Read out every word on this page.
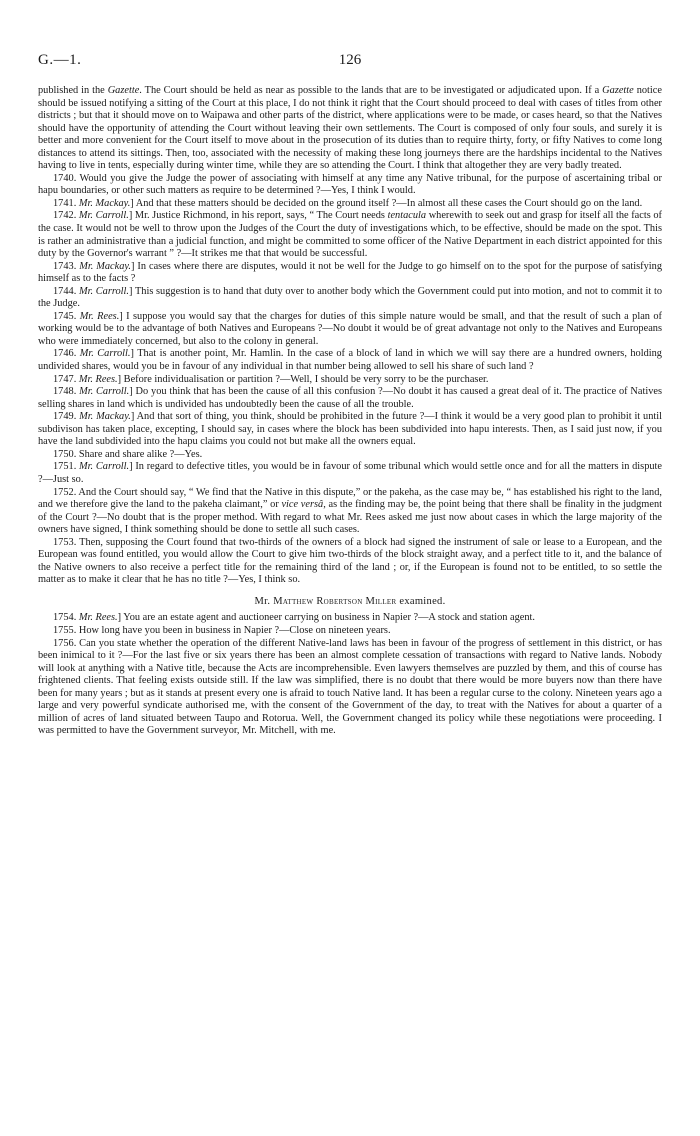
G.—1.	126

published in the Gazette. The Court should be held as near as possible to the lands that are to be investigated or adjudicated upon. If a Gazette notice should be issued notifying a sitting of the Court at this place, I do not think it right that the Court should proceed to deal with cases of titles from other districts ; but that it should move on to Waipawa and other parts of the district, where applications were to be made, or cases heard, so that the Natives should have the opportunity of attending the Court without leaving their own settlements. The Court is composed of only four souls, and surely it is better and more convenient for the Court itself to move about in the prosecution of its duties than to require thirty, forty, or fifty Natives to come long distances to attend its sittings. Then, too, associated with the necessity of making these long journeys there are the hardships incidental to the Natives having to live in tents, especially during winter time, while they are so attending the Court. I think that altogether they are very badly treated.

1740. Would you give the Judge the power of associating with himself at any time any Native tribunal, for the purpose of ascertaining tribal or hapu boundaries, or other such matters as require to be determined ?—Yes, I think I would.

1741. Mr. Mackay.] And that these matters should be decided on the ground itself ?—In almost all these cases the Court should go on the land.

1742. Mr. Carroll.] Mr. Justice Richmond, in his report, says, “ The Court needs tentacula wherewith to seek out and grasp for itself all the facts of the case. It would not be well to throw upon the Judges of the Court the duty of investigations which, to be effective, should be made on the spot. This is rather an administrative than a judicial function, and might be committed to some officer of the Native Department in each district appointed for this duty by the Governor's warrant ” ?—It strikes me that that would be successful.

1743. Mr. Mackay.] In cases where there are disputes, would it not be well for the Judge to go himself on to the spot for the purpose of satisfying himself as to the facts ?

1744. Mr. Carroll.] This suggestion is to hand that duty over to another body which the Government could put into motion, and not to commit it to the Judge.

1745. Mr. Rees.] I suppose you would say that the charges for duties of this simple nature would be small, and that the result of such a plan of working would be to the advantage of both Natives and Europeans ?—No doubt it would be of great advantage not only to the Natives and Europeans who were immediately concerned, but also to the colony in general.

1746. Mr. Carroll.] That is another point, Mr. Hamlin. In the case of a block of land in which we will say there are a hundred owners, holding undivided shares, would you be in favour of any individual in that number being allowed to sell his share of such land ?

1747. Mr. Rees.] Before individualisation or partition ?—Well, I should be very sorry to be the purchaser.

1748. Mr. Carroll.] Do you think that has been the cause of all this confusion ?—No doubt it has caused a great deal of it. The practice of Natives selling shares in land which is undivided has undoubtedly been the cause of all the trouble.

1749. Mr. Mackay.] And that sort of thing, you think, should be prohibited in the future ?—I think it would be a very good plan to prohibit it until subdivison has taken place, excepting, I should say, in cases where the block has been subdivided into hapu interests. Then, as I said just now, if you have the land subdivided into the hapu claims you could not but make all the owners equal.

1750. Share and share alike ?—Yes.

1751. Mr. Carroll.] In regard to defective titles, you would be in favour of some tribunal which would settle once and for all the matters in dispute ?—Just so.

1752. And the Court should say, “ We find that the Native in this dispute,” or the pakeha, as the case may be, “ has established his right to the land, and we therefore give the land to the pakeha claimant,” or vice versâ, as the finding may be, the point being that there shall be finality in the judgment of the Court ?—No doubt that is the proper method. With regard to what Mr. Rees asked me just now about cases in which the large majority of the owners have signed, I think something should be done to settle all such cases.

1753. Then, supposing the Court found that two-thirds of the owners of a block had signed the instrument of sale or lease to a European, and the European was found entitled, you would allow the Court to give him two-thirds of the block straight away, and a perfect title to it, and the balance of the Native owners to also receive a perfect title for the remaining third of the land ; or, if the European is found not to be entitled, to so settle the matter as to make it clear that he has no title ?—Yes, I think so.

Mr. Matthew Robertson Miller examined.

1754. Mr. Rees.] You are an estate agent and auctioneer carrying on business in Napier ?—A stock and station agent.

1755. How long have you been in business in Napier ?—Close on nineteen years.

1756. Can you state whether the operation of the different Native-land laws has been in favour of the progress of settlement in this district, or has been inimical to it ?—For the last five or six years there has been an almost complete cessation of transactions with regard to Native lands. Nobody will look at anything with a Native title, because the Acts are incomprehensible. Even lawyers themselves are puzzled by them, and this of course has frightened clients. That feeling exists outside still. If the law was simplified, there is no doubt that there would be more buyers now than there have been for many years ; but as it stands at present every one is afraid to touch Native land. It has been a regular curse to the colony. Nineteen years ago a large and very powerful syndicate authorised me, with the consent of the Government of the day, to treat with the Natives for about a quarter of a million of acres of land situated between Taupo and Rotorua. Well, the Government changed its policy while these negotiations were proceeding. I was permitted to have the Government surveyor, Mr. Mitchell, with me.
